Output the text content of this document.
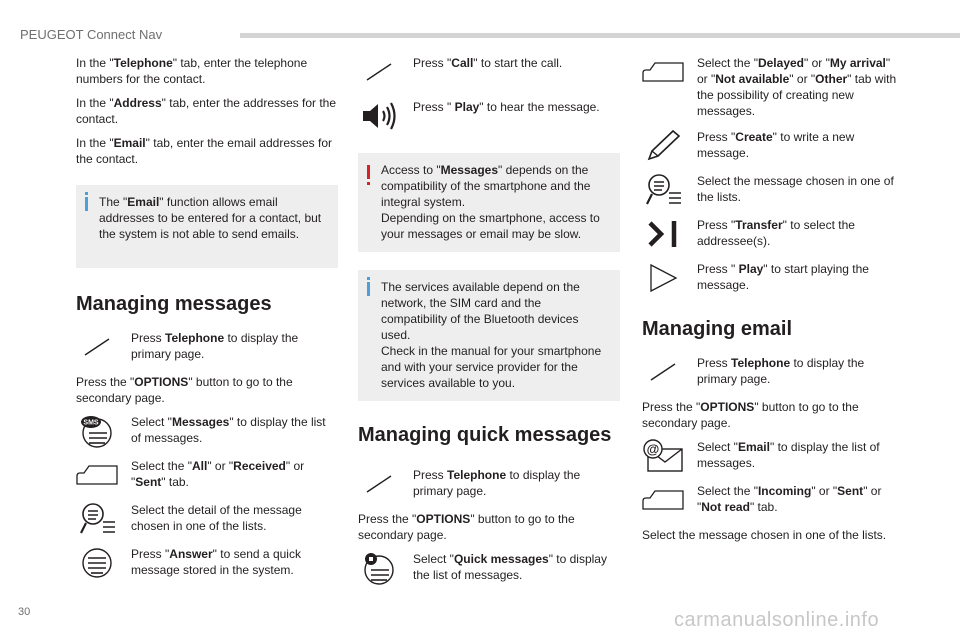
PEUGEOT Connect Nav
30	carmanualsonline.info

In the "Telephone" tab, enter the telephone numbers for the contact.

In the "Address" tab, enter the addresses for the contact.

In the "Email" tab, enter the email addresses for the contact.

The "Email" function allows email addresses to be entered for a contact, but the system is not able to send emails.
Managing messages
Press Telephone to display the primary page.

Press the "OPTIONS" button to go to the secondary page.

SMS	Select "Messages" to display the list of messages.
Select the "All" or "Received" or "Sent" tab.
Select the detail of the message chosen in one of the lists.
Press "Answer" to send a quick message stored in the system.
Press "Call" to start the call.
Press " Play" to hear the message.
Access to "Messages" depends on the compatibility of the smartphone and the integral system.
Depending on the smartphone, access to your messages or email may be slow.
The services available depend on the network, the SIM card and the compatibility of the Bluetooth devices used.
Check in the manual for your smartphone and with your service provider for the services available to you.
Managing quick messages
Press Telephone to display the primary page.

Press the "OPTIONS" button to go to the secondary page.

Select "Quick messages" to display the list of messages.
Select the "Delayed" or "My arrival" or "Not available" or "Other" tab with the possibility of creating new messages.
Press "Create" to write a new message.
Select the message chosen in one of the lists.
Press "Transfer" to select the addressee(s).
Press " Play" to start playing the message.
Managing email
Press Telephone to display the primary page.

Press the "OPTIONS" button to go to the secondary page.

@	Select "Email" to display the list of messages.
Select the "Incoming" or "Sent" or "Not read" tab.

Select the message chosen in one of the lists.
